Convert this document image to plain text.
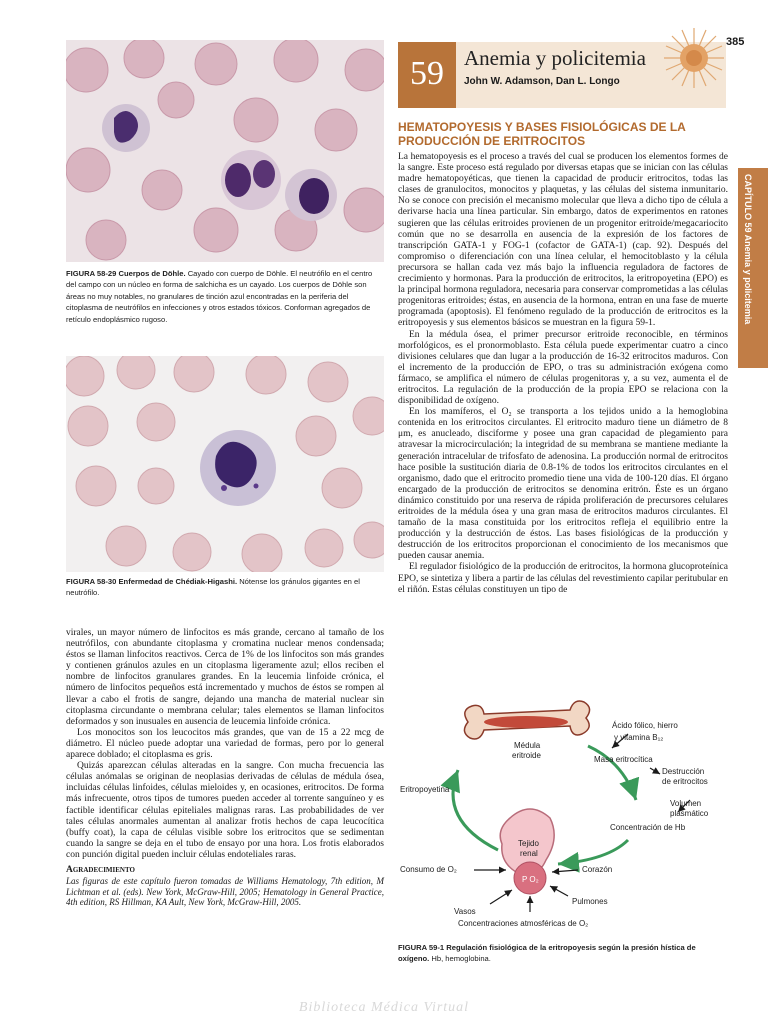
385
FIGURA 58-29 Cuerpos de Döhle. Cayado con cuerpo de Döhle. El neutrófilo en el centro del campo con un núcleo en forma de salchicha es un cayado. Los cuerpos de Döhle son áreas no muy notables, no granulares de tinción azul encontradas en la periferia del citoplasma de neutrófilos en infecciones y otros estados tóxicos. Conforman agregados de retículo endoplásmico rugoso.
FIGURA 58-30 Enfermedad de Chédiak-Higashi. Nótense los gránulos gigantes en el neutrófilo.

virales, un mayor número de linfocitos es más grande, cercano al tamaño de los neutrófilos, con abundante citoplasma y cromatina nuclear menos condensada; éstos se llaman linfocitos reactivos. Cerca de 1% de los linfocitos son más grandes y contienen gránulos azules en un citoplasma ligeramente azul; ellos reciben el nombre de linfocitos granulares grandes. En la leucemia linfoide crónica, el número de linfocitos pequeños está incrementado y muchos de éstos se rompen al llevar a cabo el frotis de sangre, dejando una mancha de material nuclear sin citoplasma circundante o membrana celular; tales elementos se llaman linfocitos deformados y son inusuales en ausencia de leucemia linfoide crónica.

Los monocitos son los leucocitos más grandes, que van de 15 a 22 mcg de diámetro. El núcleo puede adoptar una variedad de formas, pero por lo general aparece doblado; el citoplasma es gris.

Quizás aparezcan células alteradas en la sangre. Con mucha frecuencia las células anómalas se originan de neoplasias derivadas de células de médula ósea, incluidas células linfoides, células mieloides y, en ocasiones, eritrocitos. De forma más infrecuente, otros tipos de tumores pueden acceder al torrente sanguíneo y es factible identificar células epiteliales malignas raras. Las probabilidades de ver tales células anormales aumentan al analizar frotis hechos de capa leucocítica (buffy coat), la capa de células visible sobre los eritrocitos que se sedimentan cuando la sangre se deja en el tubo de ensayo por una hora. Los frotis elaborados con punción digital pueden incluir células endoteliales raras.

Agradecimiento
Las figuras de este capítulo fueron tomadas de Williams Hematology, 7th edition, M Lichtman et al. (eds). New York, McGraw-Hill, 2005; Hematology in General Practice, 4th edition, RS Hillman, KA Ault, New York, McGraw-Hill, 2005.
59 Anemia y policitemia
John W. Adamson, Dan L. Longo
CAPÍTULO 59 Anemia y policitemia
HEMATOPOYESIS Y BASES FISIOLÓGICAS DE LA PRODUCCIÓN DE ERITROCITOS

La hematopoyesis es el proceso a través del cual se producen los elementos formes de la sangre. Este proceso está regulado por diversas etapas que se inician con las células madre hematopoyéticas, que tienen la capacidad de producir eritrocitos, todas las clases de granulocitos, monocitos y plaquetas, y las células del sistema inmunitario. No se conoce con precisión el mecanismo molecular que lleva a dicho tipo de célula a derivarse hacia una línea particular. Sin embargo, datos de experimentos en ratones sugieren que las células eritroides provienen de un progenitor eritroide/megacariocito común que no se desarrolla en ausencia de la expresión de los factores de transcripción GATA-1 y FOG-1 (cofactor de GATA-1) (cap. 92). Después del compromiso o diferenciación con una línea celular, el hemocitoblasto y la célula precursora se hallan cada vez más bajo la influencia reguladora de factores de crecimiento y hormonas. Para la producción de eritrocitos, la eritropoyetina (EPO) es la principal hormona reguladora, necesaria para conservar comprometidas a las células progenitoras eritroides; éstas, en ausencia de la hormona, entran en una fase de muerte programada (apoptosis). El fenómeno regulado de la producción de eritrocitos es la eritropoyesis y sus elementos básicos se muestran en la figura 59-1.

En la médula ósea, el primer precursor eritroide reconocible, en términos morfológicos, es el pronormoblasto. Esta célula puede experimentar cuatro a cinco divisiones celulares que dan lugar a la producción de 16-32 eritrocitos maduros. Con el incremento de la producción de EPO, o tras su administración exógena como fármaco, se amplifica el número de células progenitoras y, a su vez, aumenta el de eritrocitos. La regulación de la producción de la propia EPO se relaciona con la disponibilidad de oxígeno.

En los mamíferos, el O₂ se transporta a los tejidos unido a la hemoglobina contenida en los eritrocitos circulantes. El eritrocito maduro tiene un diámetro de 8 μm, es anucleado, disciforme y posee una gran capacidad de plegamiento para atravesar la microcirculación; la integridad de su membrana se mantiene mediante la generación intracelular de trifosfato de adenosina. La producción normal de eritrocitos hace posible la sustitución diaria de 0.8-1% de todos los eritrocitos circulantes en el organismo, dado que el eritrocito promedio tiene una vida de 100-120 días. El órgano encargado de la producción de eritrocitos se denomina eritrón. Éste es un órgano dinámico constituido por una reserva de rápida proliferación de precursores celulares eritroides de la médula ósea y una gran masa de eritrocitos maduros circulantes. El tamaño de la masa constituida por los eritrocitos refleja el equilibrio entre la producción y la destrucción de éstos. Las bases fisiológicas de la producción y destrucción de los eritrocitos proporcionan el conocimiento de los mecanismos que pueden causar anemia.

El regulador fisiológico de la producción de eritrocitos, la hormona glucoproteínica EPO, se sintetiza y libera a partir de las células del revestimiento capilar peritubular en el riñón. Estas células constituyen un tipo de

Médula
eritroide
Ácido fólico, hierro
y vitamina B₁₂
Masa eritrocítica
Destrucción
de eritrocitos
Volumen
plasmático
Concentración de Hb
Eritropoyetina
Tejido
renal
P O₂
Consumo de O₂	Corazón
Pulmones
Vasos
Concentraciones atmosféricas de O₂
FIGURA 59-1 Regulación fisiológica de la eritropoyesis según la presión hística de oxígeno. Hb, hemoglobina.
Biblioteca Médica Virtual
